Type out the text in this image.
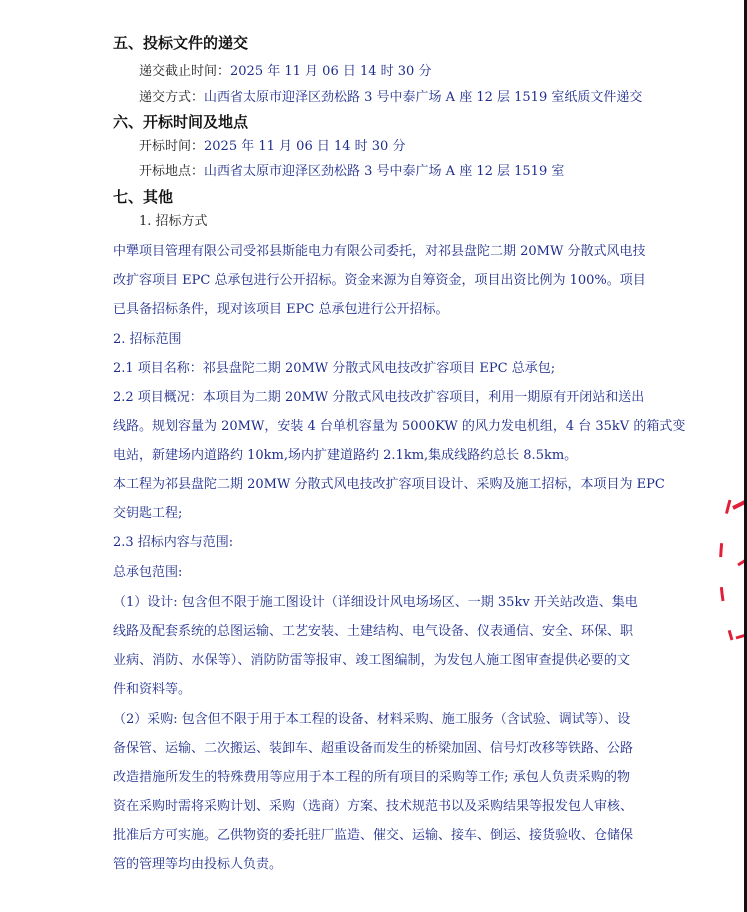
五、投标文件的递交
递交截止时间：2025 年 11 月 06 日 14 时 30 分
递交方式：山西省太原市迎泽区劲松路 3 号中泰广场 A 座 12 层 1519 室纸质文件递交
六、开标时间及地点
开标时间：2025 年 11 月 06 日 14 时 30 分
开标地点：山西省太原市迎泽区劲松路 3 号中泰广场 A 座 12 层 1519 室
七、其他
1. 招标方式
中犟项目管理有限公司受祁县斯能电力有限公司委托，对祁县盘陀二期 20MW 分散式风电技
改扩容项目 EPC 总承包进行公开招标。资金来源为自筹资金，项目出资比例为 100%。项目
已具备招标条件，现对该项目 EPC 总承包进行公开招标。
2. 招标范围
2.1 项目名称：祁县盘陀二期 20MW 分散式风电技改扩容项目 EPC 总承包;
2.2 项目概况：本项目为二期 20MW 分散式风电技改扩容项目，利用一期原有开闭站和送出
线路。规划容量为 20MW，安装 4 台单机容量为 5000KW 的风力发电机组，4 台 35kV 的箱式变
电站，新建场内道路约 10km,场内扩建道路约 2.1km,集成线路约总长 8.5km。
本工程为祁县盘陀二期 20MW 分散式风电技改扩容项目设计、采购及施工招标，本项目为 EPC
交钥匙工程;
2.3 招标内容与范围:
总承包范围:
（1）设计: 包含但不限于施工图设计（详细设计风电场场区、一期 35kv 开关站改造、集电
线路及配套系统的总图运输、工艺安装、土建结构、电气设备、仪表通信、安全、环保、职
业病、消防、水保等）、消防防雷等报审、竣工图编制，为发包人施工图审查提供必要的文
件和资料等。
（2）采购: 包含但不限于用于本工程的设备、材料采购、施工服务（含试验、调试等）、设
备保管、运输、二次搬运、装卸车、超重设备而发生的桥梁加固、信号灯改移等铁路、公路
改造措施所发生的特殊费用等应用于本工程的所有项目的采购等工作; 承包人负责采购的物
资在采购时需将采购计划、采购（选商）方案、技术规范书以及采购结果等报发包人审核、
批准后方可实施。乙供物资的委托驻厂监造、催交、运输、接车、倒运、接货验收、仓储保
管的管理等均由投标人负责。
